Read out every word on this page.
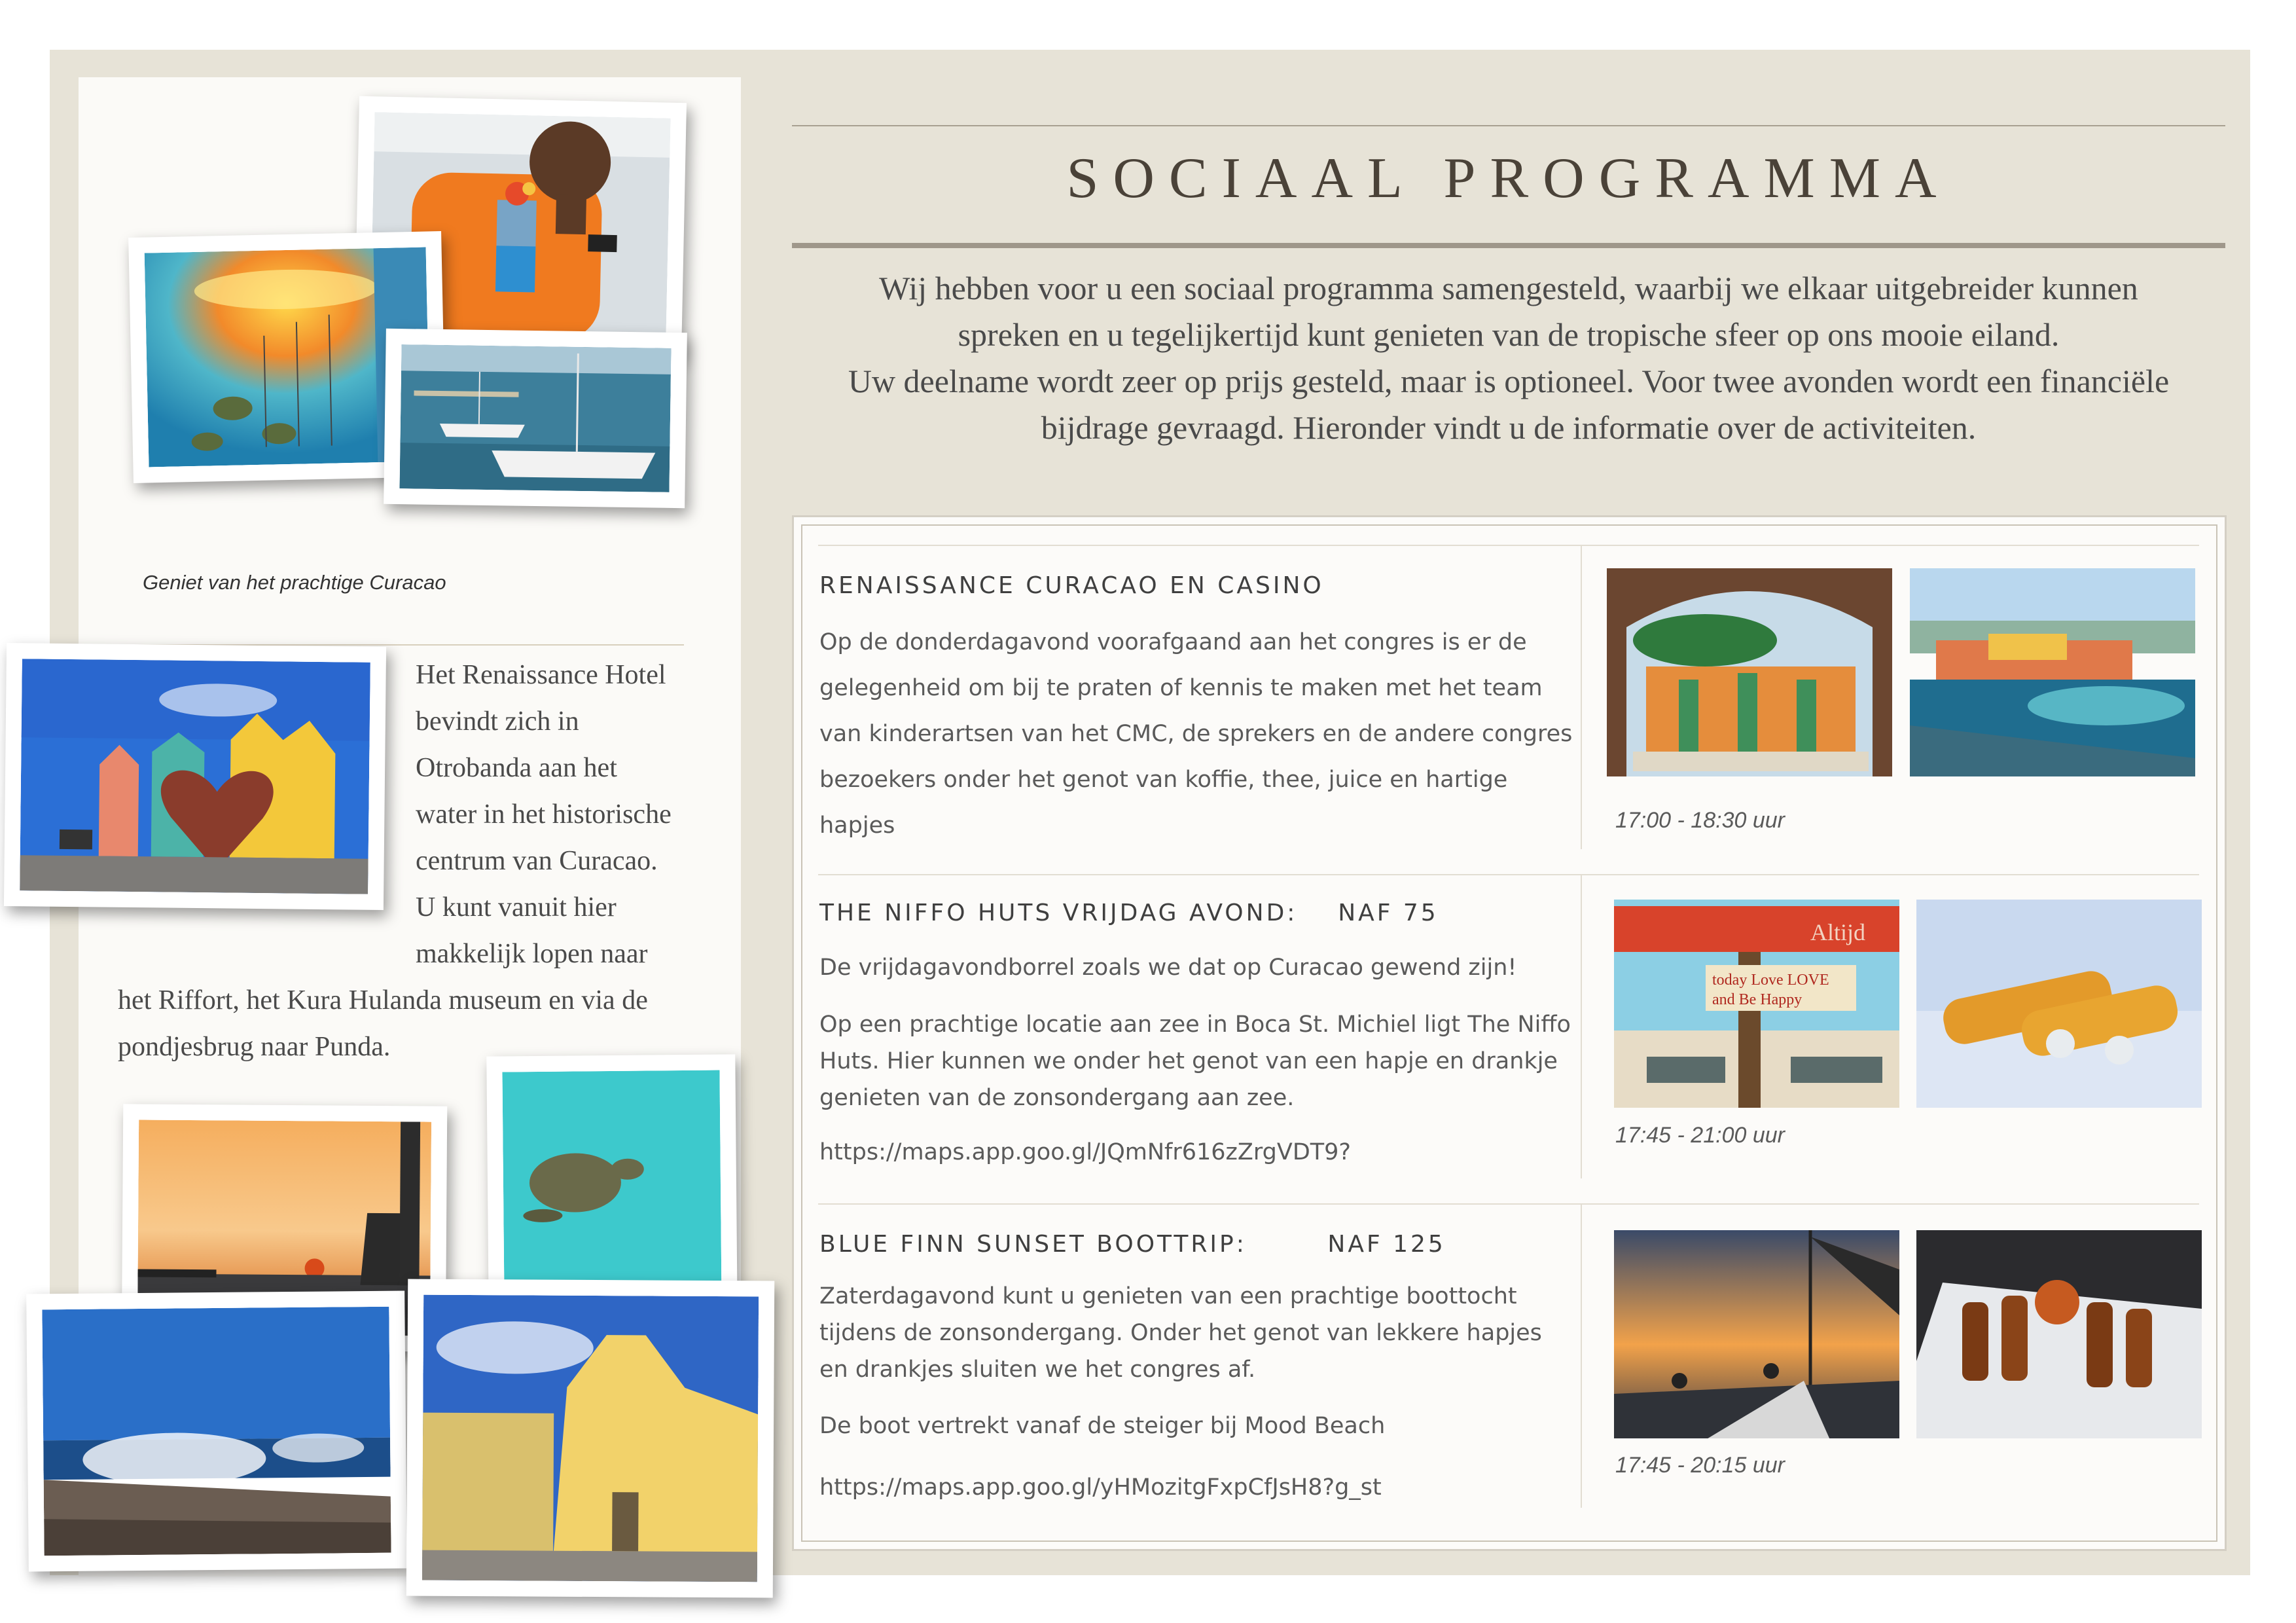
Geniet van het prachtige Curacao
Het Renaissance Hotel
bevindt zich in
Otrobanda aan het
water in het historische
centrum van Curacao.
U kunt vanuit hier
makkelijk lopen naar
het Riffort, het Kura Hulanda museum en via de
pondjesbrug naar Punda.
SOCIAAL PROGRAMMA
Wij hebben voor u een sociaal programma samengesteld, waarbij we elkaar uitgebreider kunnen
spreken en u tegelijkertijd kunt genieten van de tropische sfeer op ons mooie eiland.
Uw deelname wordt zeer op prijs gesteld, maar is optioneel. Voor twee avonden wordt een financiële
bijdrage gevraagd. Hieronder vindt u de informatie over de activiteiten.
RENAISSANCE CURACAO EN CASINO
Op de donderdagavond voorafgaand aan het congres is er de
gelegenheid om bij te praten of kennis te maken met het team
van kinderartsen van het CMC, de sprekers en de andere congres
bezoekers onder het genot van koffie, thee, juice en hartige
hapjes	17:00 - 18:30 uur
THE NIFFO HUTS VRIJDAG AVOND:    NAF 75
De vrijdagavondborrel zoals we dat op Curacao gewend zijn!
Op een prachtige locatie aan zee in Boca St. Michiel ligt The Niffo
Huts. Hier kunnen we onder het genot van een hapje en drankje
genieten van de zonsondergang aan zee.
https://maps.app.goo.gl/JQmNfr616zZrgVDT9?
Altijd
today Love LOVE
and Be Happy
17:45 - 21:00 uur
BLUE FINN SUNSET BOOTTRIP:        NAF 125
Zaterdagavond kunt u genieten van een prachtige boottocht
tijdens de zonsondergang. Onder het genot van lekkere hapjes
en drankjes sluiten we het congres af.
De boot vertrekt vanaf de steiger bij Mood Beach
https://maps.app.goo.gl/yHMozitgFxpCfJsH8?g_st
17:45 - 20:15 uur
